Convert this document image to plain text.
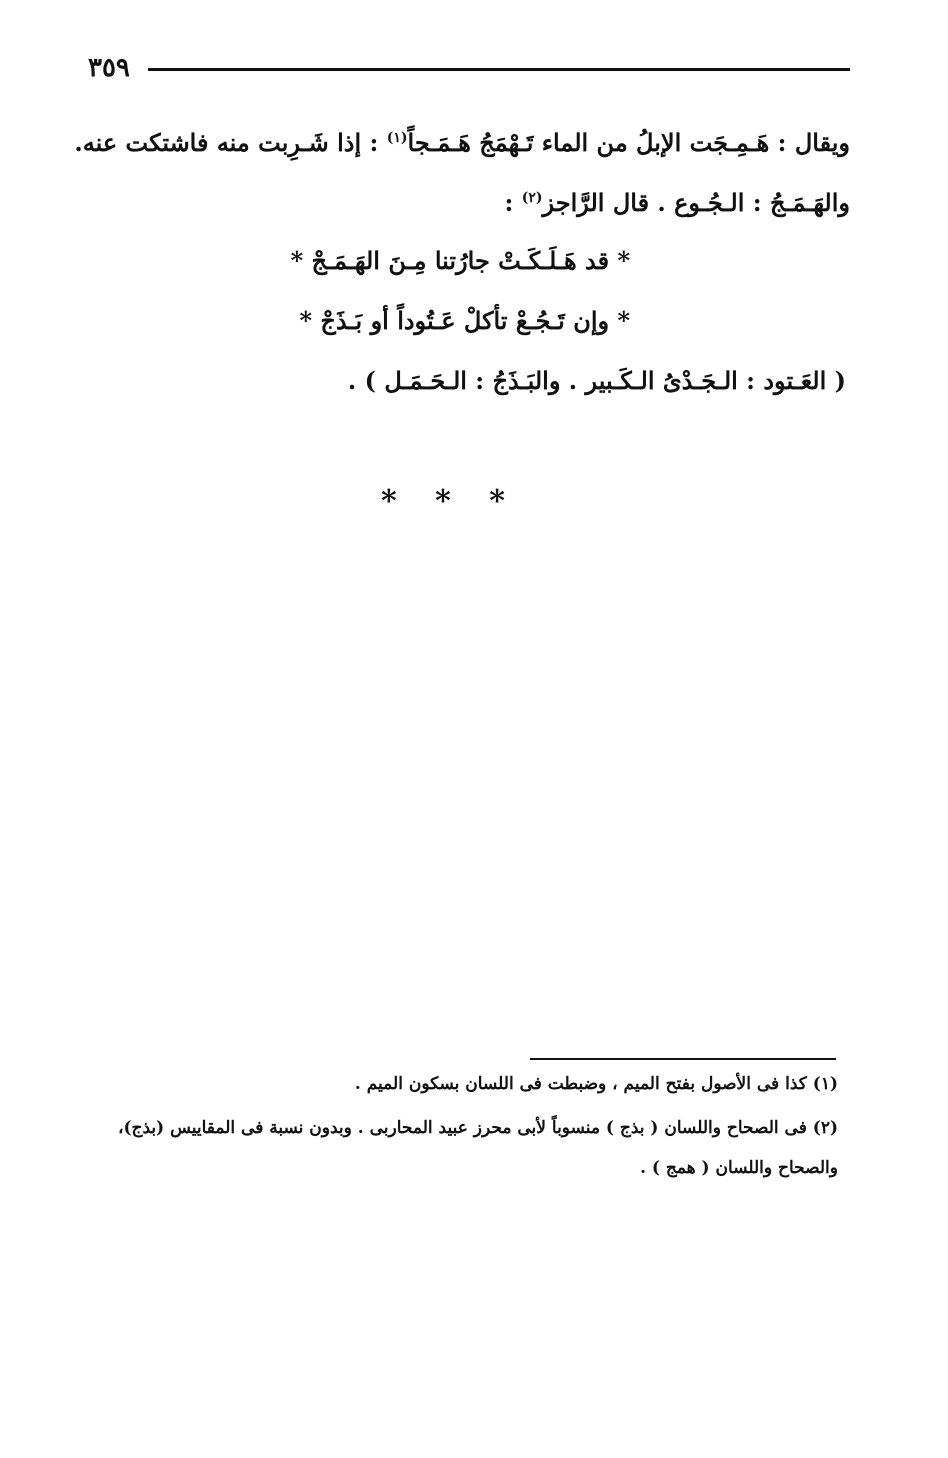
٣٥٩
ويقال : هَـمِـجَت الإبلُ من الماء تَـهْمَجُ هَـمَـجاً$^{(١)}$ : إذا شَـرِبت منه فاشتكت عنه.
والهَـمَـجُ : الـجُـوع . قال الرَّاجز$^{(٢)}$ :
* قد هَـلَـكَـتْ جارُتنا مِـنَ الهَـمَـجْ *
* وإن تَـجُـعْ تأكلْ عَـتُوداً أو بَـذَجْ *
( العَـتود : الـجَـدْىُ الـكَـبير . والبَـذَجُ : الـحَـمَـل ) .
* * *
(١) كذا فى الأصول بفتح الميم ، وضبطت فى اللسان بسكون الميم .
(٢) فى الصحاح واللسان ( بذج ) منسوباً لأبى محرز عبيد المحاربى . وبدون نسبة فى المقاييس (بذج)،
والصحاح واللسان ( همج ) .
